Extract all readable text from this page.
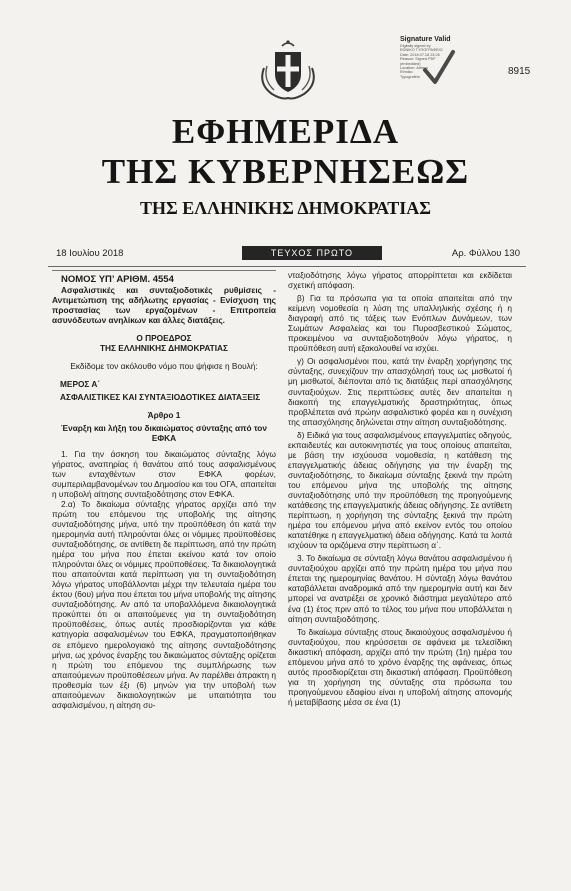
Signature Valid
Digitally signed by
ΕΘΝΙΚΟ ΤΥΠΟΓΡΑΦΕΙΟ
Date: 2018.07.18 23:26
Reason: Signed PDF
(embedded)
Location: Athens
Ethniko
Typografeio	8915
ΕΦΗΜΕΡΙΔΑ
ΤΗΣ ΚΥΒΕΡΝΗΣΕΩΣ
ΤΗΣ ΕΛΛΗΝΙΚΗΣ ΔΗΜΟΚΡΑΤΙΑΣ
18 Ιουλίου 2018	ΤΕΥΧΟΣ ΠΡΩΤΟ	Αρ. Φύλλου 130

ΝΟΜΟΣ ΥΠ’ ΑΡΙΘΜ. 4554

Ασφαλιστικές και συνταξιοδοτικές ρυθμίσεις - Αντιμετώπιση της αδήλωτης εργασίας - Ενίσχυση της προστασίας των εργαζομένων - Επιτροπεία ασυνόδευτων ανηλίκων και άλλες διατάξεις.

Ο ΠΡΟΕΔΡΟΣ

ΤΗΣ ΕΛΛΗΝΙΚΗΣ ΔΗΜΟΚΡΑΤΙΑΣ

Εκδίδομε τον ακόλουθο νόμο που ψήφισε η Βουλή:

ΜΕΡΟΣ Α΄

ΑΣΦΑΛΙΣΤΙΚΕΣ ΚΑΙ ΣΥΝΤΑΞΙΟΔΟΤΙΚΕΣ ΔΙΑΤΑΞΕΙΣ

Άρθρο 1

Έναρξη και λήξη του δικαιώματος σύνταξης από τον ΕΦΚΑ

1. Για την άσκηση του δικαιώματος σύνταξης λόγω γήρατος, αναπηρίας ή θανάτου από τους ασφαλισμένους των ενταχθέντων στον ΕΦΚΑ φορέων, συμπεριλαμβανομένων του Δημοσίου και του ΟΓΑ, απαιτείται η υποβολή αίτησης συνταξιοδότησης στον ΕΦΚΑ.

2.α) Το δικαίωμα σύνταξης γήρατος αρχίζει από την πρώτη του επόμενου της υποβολής της αίτησης συνταξιοδότησης μήνα, υπό την προϋπόθεση ότι κατά την ημερομηνία αυτή πληρούνται όλες οι νόμιμες προϋποθέσεις συνταξιοδότησης, σε αντίθετη δε περίπτωση, από την πρώτη ημέρα του μήνα που έπεται εκείνου κατά τον οποίο πληρούνται όλες οι νόμιμες προϋποθέσεις. Τα δικαιολογητικά που απαιτούνται κατά περίπτωση για τη συνταξιοδότηση λόγω γήρατος υποβάλλονται μέχρι την τελευταία ημέρα του έκτου (6ου) μήνα που έπεται του μήνα υποβολής της αίτησης συνταξιοδότησης. Αν από τα υποβαλλόμενα δικαιολογητικά προκύπτει ότι οι απαιτούμενες για τη συνταξιοδότηση προϋποθέσεις, όπως αυτές προσδιορίζονται για κάθε κατηγορία ασφαλισμένων του ΕΦΚΑ, πραγματοποιήθηκαν σε επόμενο ημερολογιακό της αίτησης συνταξιοδότησης μήνα, ως χρόνος έναρξης του δικαιώματος σύνταξης ορίζεται η πρώτη του επόμενου της συμπλήρωσης των απαιτούμενων προϋποθέσεων μήνα. Αν παρέλθει άπρακτη η προθεσμία των έξι (6) μηνών για την υποβολή των απαιτούμενων δικαιολογητικών με υπαιτιότητα του ασφαλισμένου, η αίτηση συ-

νταξιοδότησης λόγω γήρατος απορρίπτεται και εκδίδεται σχετική απόφαση.

β) Για τα πρόσωπα για τα οποία απαιτείται από την κείμενη νομοθεσία η λύση της υπαλληλικής σχέσης ή η διαγραφή από τις τάξεις των Ενόπλων Δυνάμεων, των Σωμάτων Ασφαλείας και του Πυροσβεστικού Σώματος, προκειμένου να συνταξιοδοτηθούν λόγω γήρατος, η προϋπόθεση αυτή εξακολουθεί να ισχύει.

γ) Οι ασφαλισμένοι που, κατά την έναρξη χορήγησης της σύνταξης, συνεχίζουν την απασχόλησή τους ως μισθωτοί ή μη μισθωτοί, διέπονται από τις διατάξεις περί απασχόλησης συνταξιούχων. Στις περιπτώσεις αυτές δεν απαιτείται η διακοπή της επαγγελματικής δραστηριότητας, όπως προβλέπεται ανά πρώην ασφαλιστικό φορέα και η συνέχιση της απασχόλησης δηλώνεται στην αίτηση συνταξιοδότησης.

δ) Ειδικά για τους ασφαλισμένους επαγγελματίες οδηγούς, εκπαιδευτές και αυτοκινητιστές για τους οποίους απαιτείται, με βάση την ισχύουσα νομοθεσία, η κατάθεση της επαγγελματικής άδειας οδήγησης για την έναρξη της συνταξιοδότησης, το δικαίωμα σύνταξης ξεκινά την πρώτη του επόμενου μήνα της υποβολής της αίτησης συνταξιοδότησης υπό την προϋπόθεση της προηγούμενης κατάθεσης της επαγγελματικής άδειας οδήγησης. Σε αντίθετη περίπτωση, η χορήγηση της σύνταξης ξεκινά την πρώτη ημέρα του επόμενου μήνα από εκείνον εντός του οποίου κατατέθηκε η επαγγελματική άδεια οδήγησης. Κατά τα λοιπά ισχύουν τα οριζόμενα στην περίπτωση α΄.

3. Το δικαίωμα σε σύνταξη λόγω θανάτου ασφαλισμένου ή συνταξιούχου αρχίζει από την πρώτη ημέρα του μήνα που έπεται της ημερομηνίας θανάτου. Η σύνταξη λόγω θανάτου καταβάλλεται αναδρομικά από την ημερομηνία αυτή και δεν μπορεί να ανατρέξει σε χρονικό διάστημα μεγαλύτερο από ένα (1) έτος πριν από το τέλος του μήνα που υποβάλλεται η αίτηση συνταξιοδότησης.

Το δικαίωμα σύνταξης στους δικαιούχους ασφαλισμένου ή συνταξιούχου, που κηρύσσεται σε αφάνεια με τελεσίδικη δικαστική απόφαση, αρχίζει από την πρώτη (1η) ημέρα του επόμενου μήνα από το χρόνο έναρξης της αφάνειας, όπως αυτός προσδιορίζεται στη δικαστική απόφαση. Προϋπόθεση για τη χορήγηση της σύνταξης στα πρόσωπα του προηγούμενου εδαφίου είναι η υποβολή αίτησης απονομής ή μεταβίβασης μέσα σε ένα (1)
